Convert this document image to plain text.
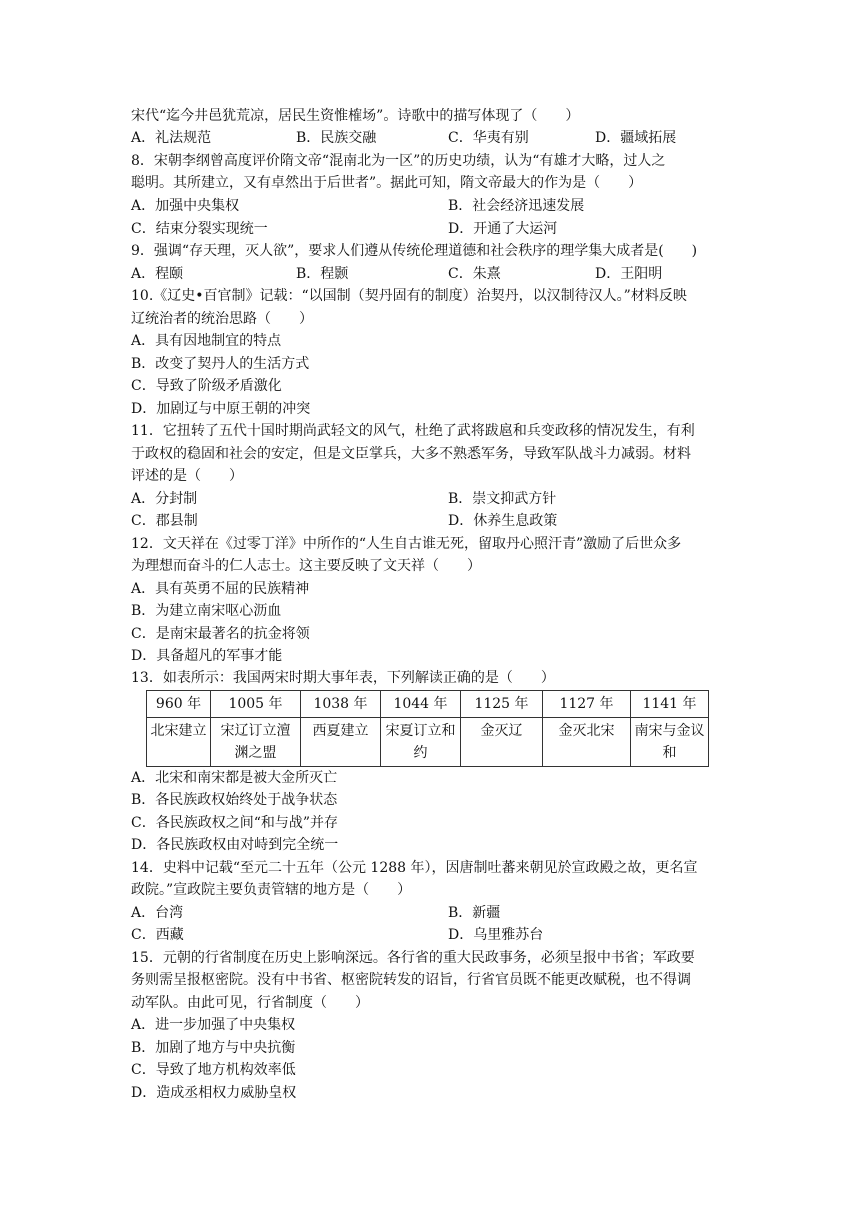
宋代“迄今井邑犹荒凉，居民生资惟榷场”。诗歌中的描写体现了（　　）
A．礼法规范	B．民族交融	C．华夷有别	D．疆域拓展
8．宋朝李纲曾高度评价隋文帝“混南北为一区”的历史功绩，认为“有雄才大略，过人之
聪明。其所建立，又有卓然出于后世者”。据此可知，隋文帝最大的作为是（　　）
A．加强中央集权	B．社会经济迅速发展
C．结束分裂实现统一	D．开通了大运河
9．强调“存天理，灭人欲”，要求人们遵从传统伦理道德和社会秩序的理学集大成者是(　　)
A．程颐	B．程颢	C．朱熹	D．王阳明
10.《辽史•百官制》记载：“以国制（契丹固有的制度）治契丹，以汉制待汉人。”材料反映
辽统治者的统治思路（　　）
A．具有因地制宜的特点
B．改变了契丹人的生活方式
C．导致了阶级矛盾激化
D．加剧辽与中原王朝的冲突
11．它扭转了五代十国时期尚武轻文的风气，杜绝了武将跋扈和兵变政移的情况发生，有利
于政权的稳固和社会的安定，但是文臣掌兵，大多不熟悉军务，导致军队战斗力减弱。材料
评述的是（　　）
A．分封制	B．崇文抑武方针
C．郡县制	D．休养生息政策
12．文天祥在《过零丁洋》中所作的“人生自古谁无死，留取丹心照汗青”激励了后世众多
为理想而奋斗的仁人志士。这主要反映了文天祥（　　）
A．具有英勇不屈的民族精神
B．为建立南宋呕心沥血
C．是南宋最著名的抗金将领
D．具备超凡的军事才能
13．如表所示：我国两宋时期大事年表，下列解读正确的是（　　）
960 年	1005 年	1038 年	1044 年	1125 年	1127 年	1141 年
北宋建立	宋辽订立澶渊之盟	西夏建立	宋夏订立和约	金灭辽	金灭北宋	南宋与金议和
A．北宋和南宋都是被大金所灭亡
B．各民族政权始终处于战争状态
C．各民族政权之间“和与战”并存
D．各民族政权由对峙到完全统一
14．史料中记载“至元二十五年（公元 1288 年），因唐制吐蕃来朝见於宣政殿之故，更名宣
政院。”宣政院主要负责管辖的地方是（　　）
A．台湾	B．新疆
C．西藏	D．乌里雅苏台
15．元朝的行省制度在历史上影响深远。各行省的重大民政事务，必须呈报中书省；军政要
务则需呈报枢密院。没有中书省、枢密院转发的诏旨，行省官员既不能更改赋税，也不得调
动军队。由此可见，行省制度（　　）
A．进一步加强了中央集权
B．加剧了地方与中央抗衡
C．导致了地方机构效率低
D．造成丞相权力威胁皇权
